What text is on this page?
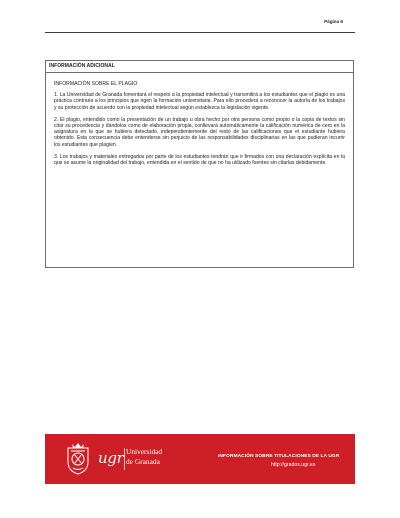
Página 6
INFORMACIÓN ADICIONAL

INFORMACIÓN SOBRE EL PLAGIO

1. La Universidad de Granada fomentará el respeto a la propiedad intelectual y transmitirá a los estudiantes que el plagio es una práctica contraria a los principios que rigen la formación universitaria. Para ello procederá a reconocer la autoría de los trabajos y su protección de acuerdo con la propiedad intelectual según establezca la legislación vigente.

2. El plagio, entendido como la presentación de un trabajo u obra hecho por otra persona como propio o la copia de textos sin citar su procedencia y dándolos como de elaboración propia, conllevará automáticamente la calificación numérica de cero en la asignatura en la que se hubiera detectado, independientemente del resto de las calificaciones que el estudiante hubiera obtenido. Esta consecuencia debe entenderse sin perjuicio de las responsabilidades disciplinarias en las que pudieran incurrir los estudiantes que plagien.

3. Los trabajos y materiales entregados por parte de los estudiantes tendrán que ir firmados con una declaración explícita en la que se asume la originalidad del trabajo, entendida en el sentido de que no ha utilizado fuentes sin citarlas debidamente.

ugr Universidad
de Granada
INFORMACIÓN SOBRE TITULACIONES DE LA UGR
http://grados.ugr.es
